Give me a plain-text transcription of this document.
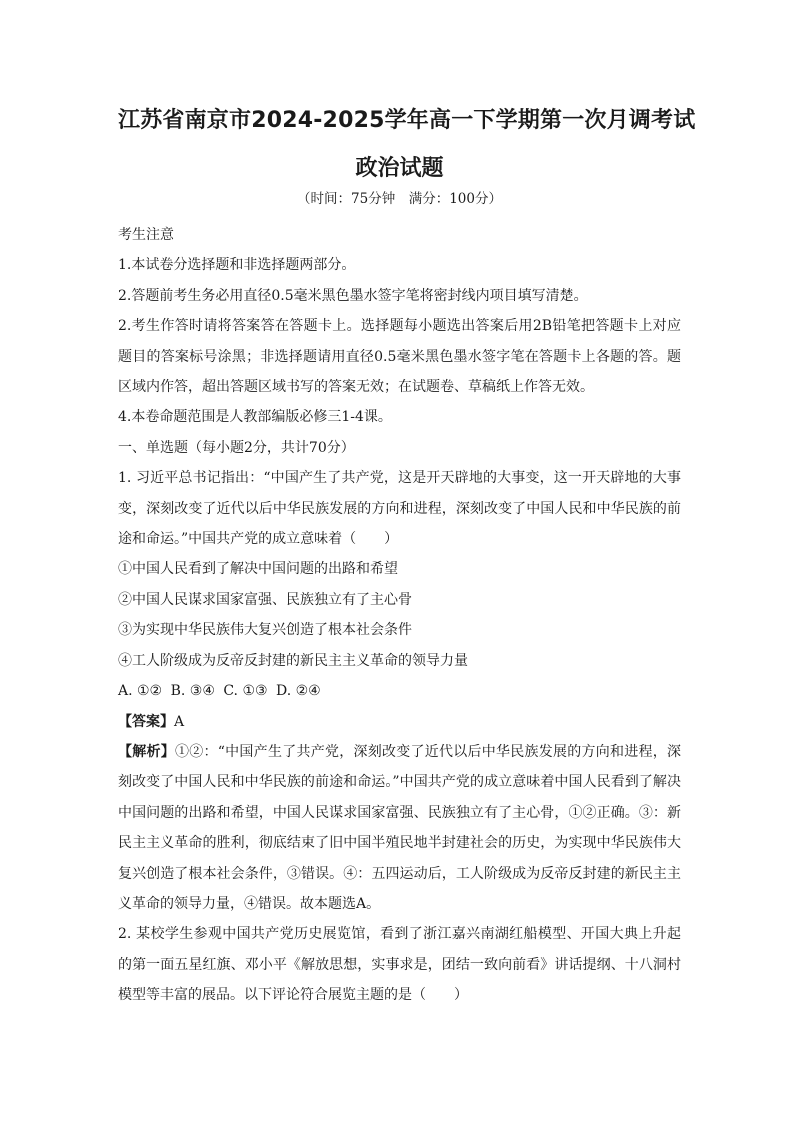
江苏省南京市2024-2025学年高一下学期第一次月调考试
政治试题
（时间：75分钟　满分：100分）
考生注意
1.本试卷分选择题和非选择题两部分。
2.答题前考生务必用直径0.5毫米黑色墨水签字笔将密封线内项目填写清楚。
2.考生作答时请将答案答在答题卡上。选择题每小题选出答案后用2B铅笔把答题卡上对应题目的答案标号涂黑；非选择题请用直径0.5毫米黑色墨水签字笔在答题卡上各题的答。题区域内作答，超出答题区域书写的答案无效；在试题卷、草稿纸上作答无效。
4.本卷命题范围是人教部编版必修三1-4课。
一、单选题（每小题2分，共计70分）
1. 习近平总书记指出：“中国产生了共产党，这是开天辟地的大事变，这一开天辟地的大事变，深刻改变了近代以后中华民族发展的方向和进程，深刻改变了中国人民和中华民族的前途和命运。”中国共产党的成立意味着（　　）
①中国人民看到了解决中国问题的出路和希望
②中国人民谋求国家富强、民族独立有了主心骨
③为实现中华民族伟大复兴创造了根本社会条件
④工人阶级成为反帝反封建的新民主主义革命的领导力量
A. ①② B. ③④ C. ①③ D. ②④
【答案】A
【解析】①②：“中国产生了共产党，深刻改变了近代以后中华民族发展的方向和进程，深刻改变了中国人民和中华民族的前途和命运。”中国共产党的成立意味着中国人民看到了解决中国问题的出路和希望，中国人民谋求国家富强、民族独立有了主心骨，①②正确。③：新民主主义革命的胜利，彻底结束了旧中国半殖民地半封建社会的历史，为实现中华民族伟大复兴创造了根本社会条件，③错误。④：五四运动后，工人阶级成为反帝反封建的新民主主义革命的领导力量，④错误。故本题选A。
2. 某校学生参观中国共产党历史展览馆，看到了浙江嘉兴南湖红船模型、开国大典上升起的第一面五星红旗、邓小平《解放思想，实事求是，团结一致向前看》讲话提纲、十八洞村模型等丰富的展品。以下评论符合展览主题的是（　　）
